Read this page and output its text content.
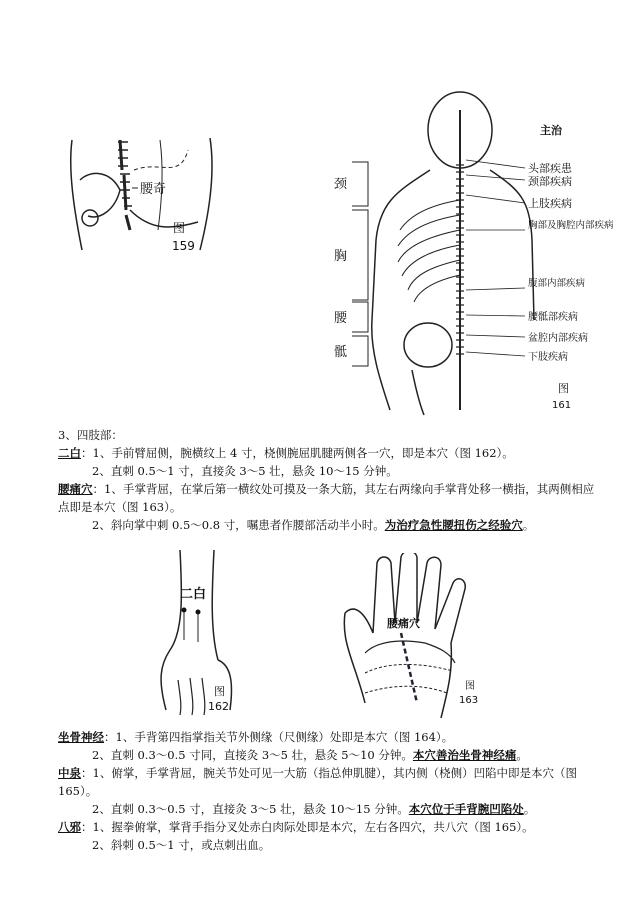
腰奇
图
159
颈
胸
腰
骶
主治
头部疾患
颈部疾病
上肢疾病
胸部及胸腔内部疾病
腹部内部疾病
腰骶部疾病
盆腔内部疾病
下肢疾病
图
161

3、四肢部：

二白：1、手前臂屈侧，腕横纹上 4 寸，桡侧腕屈肌腱两侧各一穴，即是本穴（图 162）。

2、直刺 0.5～1 寸，直接灸 3～5 壮，悬灸 10～15 分钟。

腰痛穴：1、手掌背屈，在掌后第一横纹处可摸及一条大筋，其左右两缘向手掌背处移一横指，其两侧相应点即是本穴（图 163）。

2、斜向掌中刺 0.5～0.8 寸，嘱患者作腰部活动半小时。为治疗急性腰扭伤之经验穴。

二白
图
162
腰痛穴
图
163

坐骨神经：1、手背第四指掌指关节外侧缘（尺侧缘）处即是本穴（图 164）。

2、直刺 0.3～0.5 寸同，直接灸 3～5 壮，悬灸 5～10 分钟。本穴善治坐骨神经痛。

中泉：1、俯掌，手掌背屈，腕关节处可见一大筋（指总伸肌腱），其内侧（桡侧）凹陷中即是本穴（图 165）。

2、直刺 0.3～0.5 寸，直接灸 3～5 壮，悬灸 10～15 分钟。本穴位于手背腕凹陷处。

八邪：1、握拳俯掌，掌背手指分叉处赤白肉际处即是本穴，左右各四穴，共八穴（图 165）。

2、斜刺 0.5～1 寸，或点刺出血。
